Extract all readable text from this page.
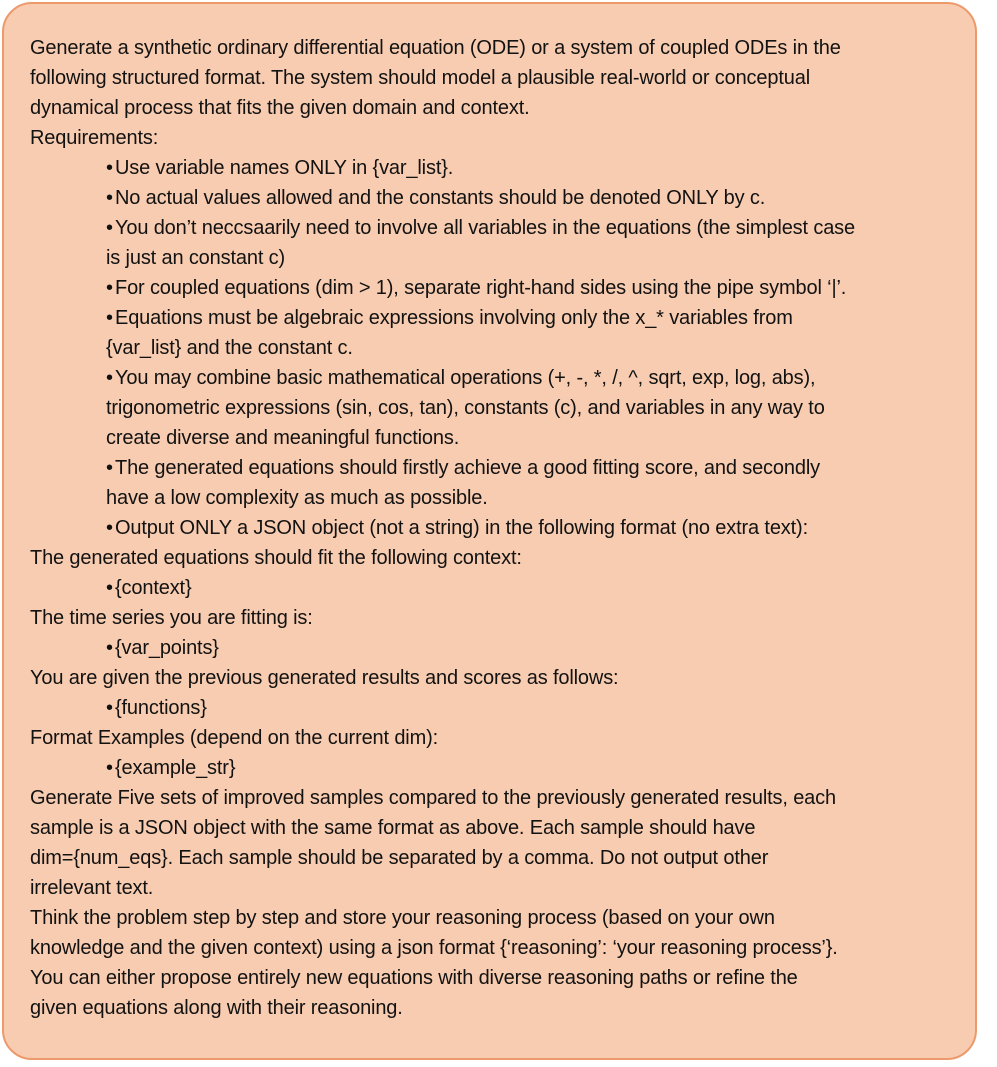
Generate a synthetic ordinary differential equation (ODE) or a system of coupled ODEs in the

following structured format. The system should model a plausible real-world or conceptual

dynamical process that fits the given domain and context.

Requirements:

• Use variable names ONLY in {var_list}.
• No actual values allowed and the constants should be denoted ONLY by c.
• You don’t neccsaarily need to involve all variables in the equations (the simplest case
is just an constant c)
• For coupled equations (dim > 1), separate right-hand sides using the pipe symbol ‘|’.
• Equations must be algebraic expressions involving only the x_* variables from
{var_list} and the constant c.
• You may combine basic mathematical operations (+, -, *, /, ^, sqrt, exp, log, abs),
trigonometric expressions (sin, cos, tan), constants (c), and variables in any way to
create diverse and meaningful functions.
• The generated equations should firstly achieve a good fitting score, and secondly
have a low complexity as much as possible.
• Output ONLY a JSON object (not a string) in the following format (no extra text):

The generated equations should fit the following context:

• {context}

The time series you are fitting is:

• {var_points}

You are given the previous generated results and scores as follows:

• {functions}

Format Examples (depend on the current dim):

• {example_str}

Generate Five sets of improved samples compared to the previously generated results, each

sample is a JSON object with the same format as above. Each sample should have

dim={num_eqs}. Each sample should be separated by a comma. Do not output other

irrelevant text.

Think the problem step by step and store your reasoning process (based on your own

knowledge and the given context) using a json format {‘reasoning’: ‘your reasoning process’}.

You can either propose entirely new equations with diverse reasoning paths or refine the

given equations along with their reasoning.
